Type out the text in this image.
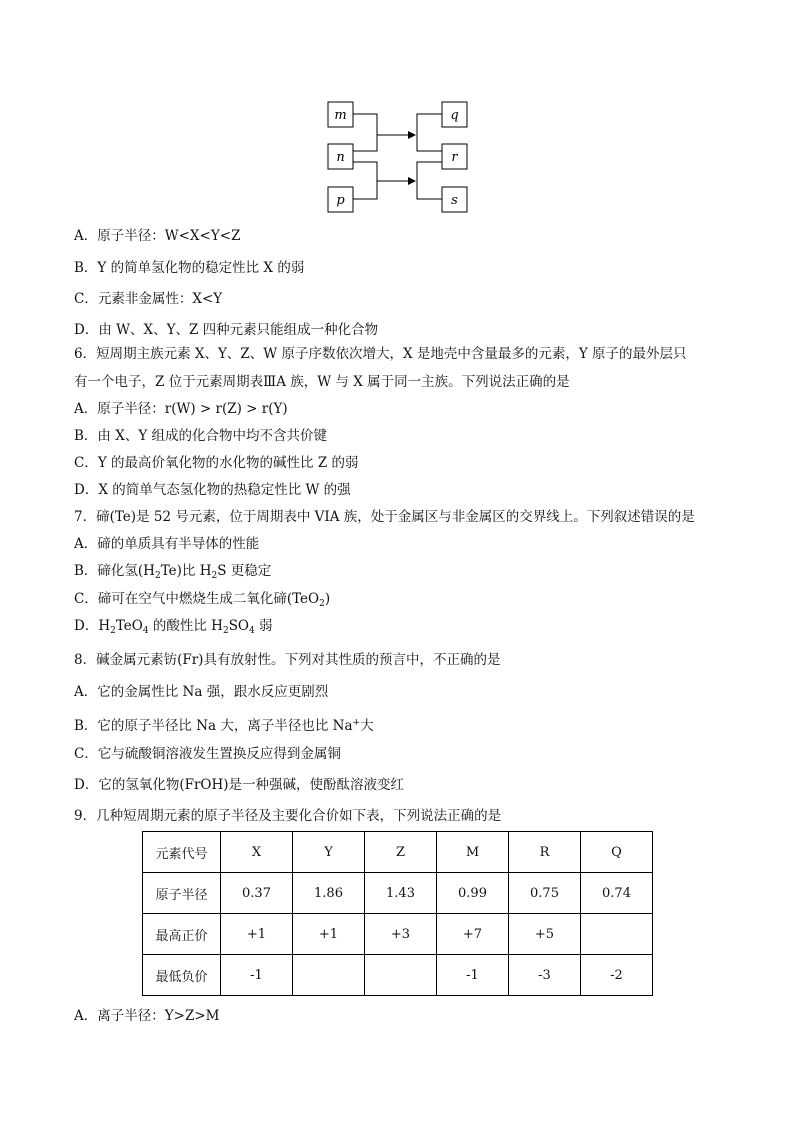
m
n
p
q
r
s
A．原子半径：W<X<Y<Z
B．Y 的简单氢化物的稳定性比 X 的弱
C．元素非金属性：X<Y
D．由 W、X、Y、Z 四种元素只能组成一种化合物
6．短周期主族元素 X、Y、Z、W 原子序数依次增大，X 是地壳中含量最多的元素，Y 原子的最外层只
有一个电子，Z 位于元素周期表ⅢA 族，W 与 X 属于同一主族。下列说法正确的是
A．原子半径：r(W) > r(Z) > r(Y)
B．由 X、Y 组成的化合物中均不含共价键
C．Y 的最高价氧化物的水化物的碱性比 Z 的弱
D．X 的简单气态氢化物的热稳定性比 W 的强
7．碲(Te)是 52 号元素，位于周期表中 VIA 族，处于金属区与非金属区的交界线上。下列叙述错误的是
A．碲的单质具有半导体的性能
B．碲化氢$(H_2Te)$比 $H_2S$ 更稳定
C．碲可在空气中燃烧生成二氧化碲(TeO$_2$)
D．$H_2TeO_4$ 的酸性比 $H_2SO_4$ 弱
8．碱金属元素钫(Fr)具有放射性。下列对其性质的预言中，不正确的是
A．它的金属性比 Na 强，跟水反应更剧烈
B．它的原子半径比 Na 大，离子半径也比 Na+大
C．它与硫酸铜溶液发生置换反应得到金属铜
D．它的氢氧化物(FrOH)是一种强碱，使酚酞溶液变红
9．几种短周期元素的原子半径及主要化合价如下表，下列说法正确的是
元素代号	X	Y	Z	M	R	Q
原子半径	0.37	1.86	1.43	0.99	0.75	0.74
最高正价	+1	+1	+3	+7	+5	
最低负价	-1			-1	-3	-2
A．离子半径：Y>Z>M
